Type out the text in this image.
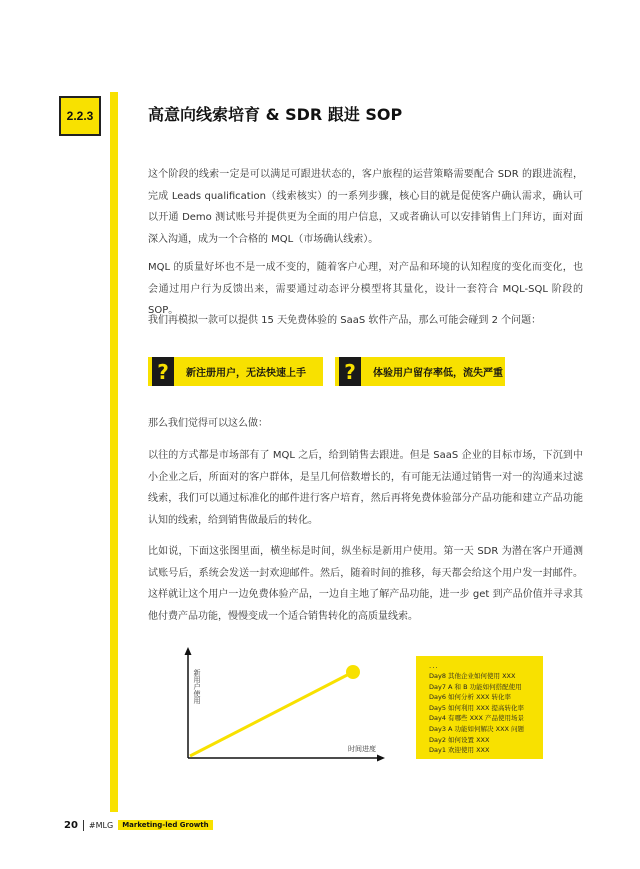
2.2.3	高意向线索培育 & SDR 跟进 SOP

这个阶段的线索一定是可以满足可跟进状态的，客户旅程的运营策略需要配合 SDR 的跟进流程，完成 Leads qualification（线索核实）的一系列步骤，核心目的就是促使客户确认需求，确认可以开通 Demo 测试账号并提供更为全面的用户信息，又或者确认可以安排销售上门拜访，面对面深入沟通，成为一个合格的 MQL（市场确认线索）。

MQL 的质量好坏也不是一成不变的，随着客户心理，对产品和环境的认知程度的变化而变化，也会通过用户行为反馈出来，需要通过动态评分模型将其量化，设计一套符合 MQL-SQL 阶段的 SOP。

我们再模拟一款可以提供 15 天免费体验的 SaaS 软件产品，那么可能会碰到 2 个问题：

?	新注册用户，无法快速上手 ?	体验用户留存率低，流失严重

那么我们觉得可以这么做：

以往的方式都是市场部有了 MQL 之后，给到销售去跟进。但是 SaaS 企业的目标市场，下沉到中小企业之后，所面对的客户群体，是呈几何倍数增长的，有可能无法通过销售一对一的沟通来过滤线索，我们可以通过标准化的邮件进行客户培育，然后再将免费体验部分产品功能和建立产品功能认知的线索，给到销售做最后的转化。

比如说，下面这张图里面，横坐标是时间，纵坐标是新用户使用。第一天 SDR 为潜在客户开通测试账号后，系统会发送一封欢迎邮件。然后，随着时间的推移，每天都会给这个用户发一封邮件。这样就让这个用户一边免费体验产品，一边自主地了解产品功能，进一步 get 到产品价值并寻求其他付费产品功能，慢慢变成一个适合销售转化的高质量线索。

新用户使用
时间进度
...
Day8 其他企业如何使用 XXX
Day7 A 和 B 功能如何搭配使用
Day6 如何分析 XXX 转化率
Day5 如何利用 XXX 提高转化率
Day4 有哪些 XXX 产品使用场景
Day3 A 功能如何解决 XXX 问题
Day2 如何设置 XXX
Day1 欢迎使用 XXX
20 #MLG	Marketing-led Growth
